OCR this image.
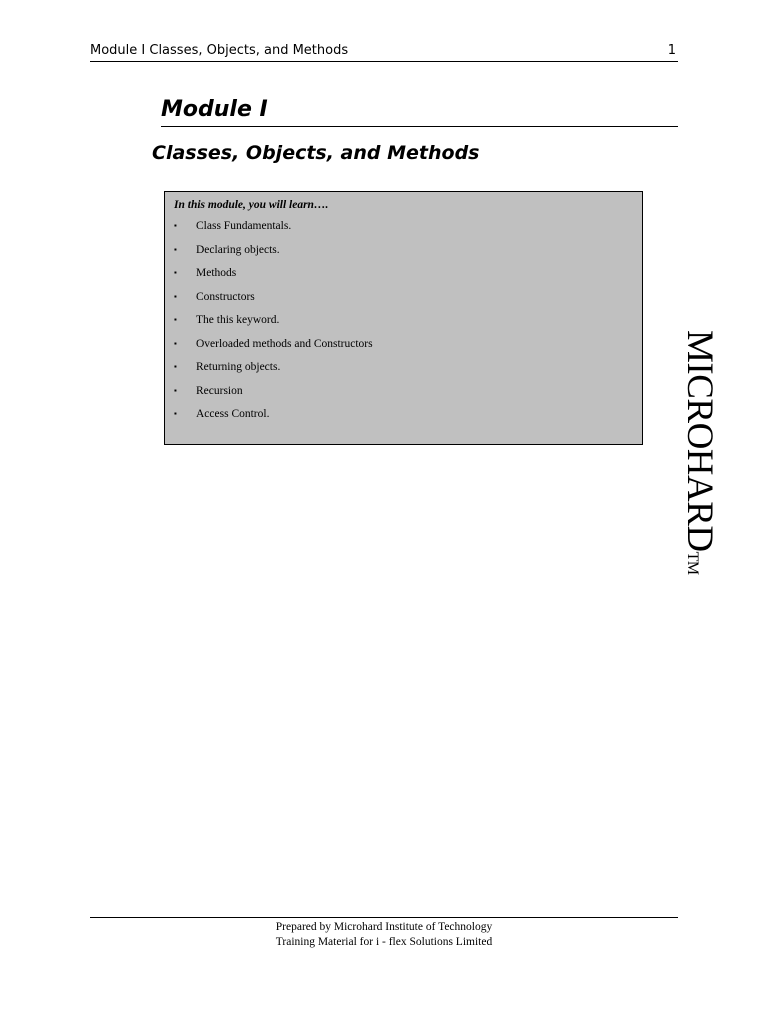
Module I Classes, Objects, and Methods	1
Module I
Classes, Objects, and Methods
In this module, you will learn….
▪ Class Fundamentals.
▪ Declaring objects.
▪ Methods
▪ Constructors
▪ The this keyword.
▪ Overloaded methods and Constructors
▪ Returning objects.
▪ Recursion
▪ Access Control.	MICROHARDTM
Prepared by Microhard Institute of Technology
Training Material for i - flex Solutions Limited
